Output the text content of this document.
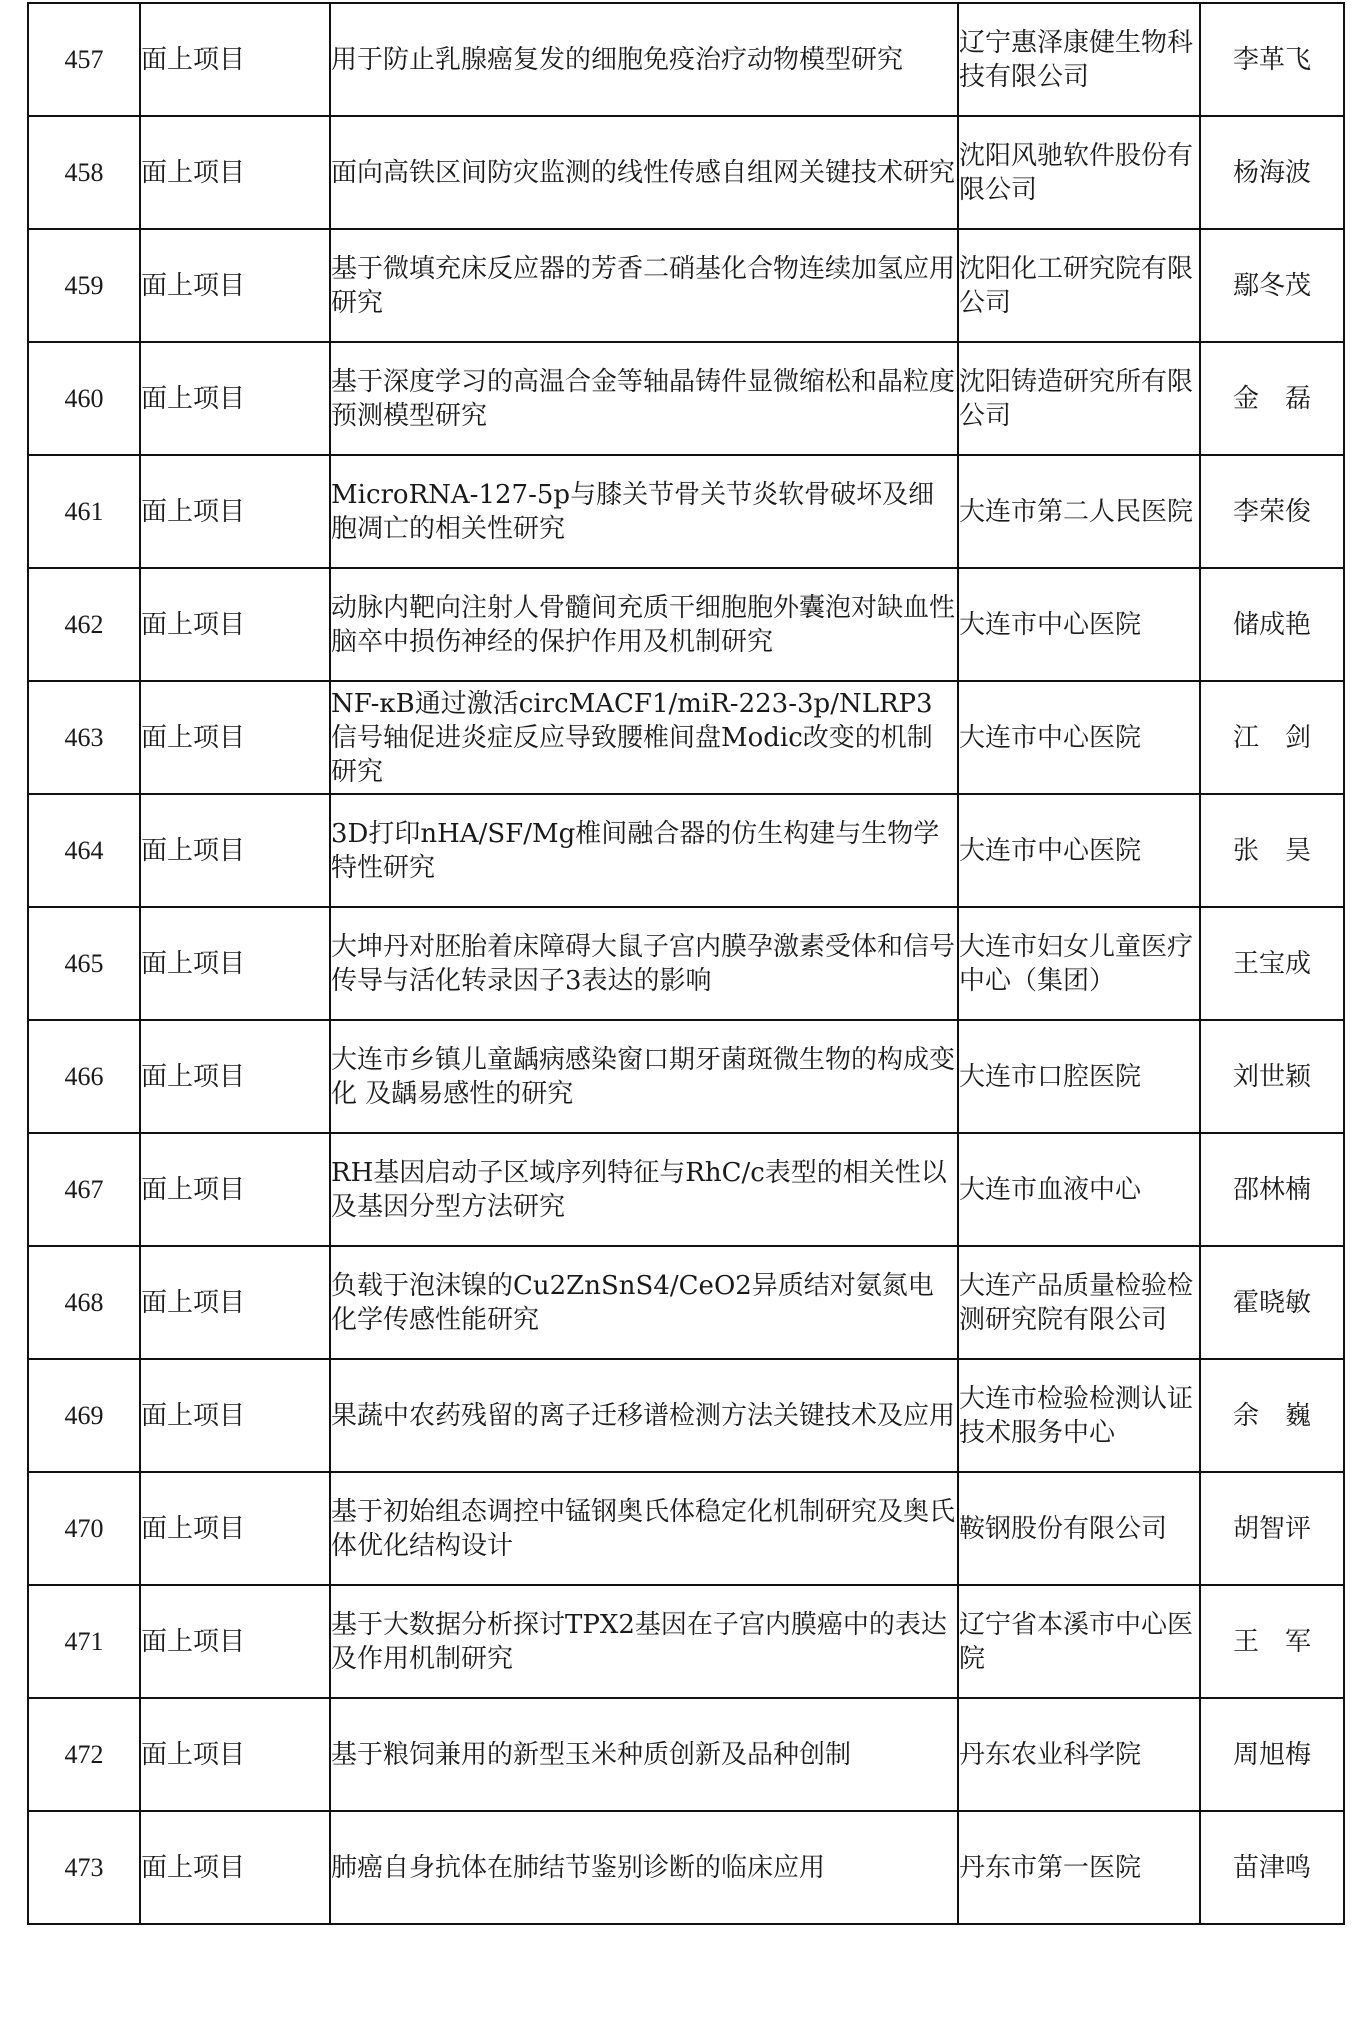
457	面上项目	用于防止乳腺癌复发的细胞免疫治疗动物模型研究	辽宁惠泽康健生物科技有限公司	李革飞

458	面上项目	面向高铁区间防灾监测的线性传感自组网关键技术研究	沈阳风驰软件股份有限公司	杨海波

459	面上项目	基于微填充床反应器的芳香二硝基化合物连续加氢应用研究	沈阳化工研究院有限公司	鄢冬茂

460	面上项目	基于深度学习的高温合金等轴晶铸件显微缩松和晶粒度预测模型研究	沈阳铸造研究所有限公司	金　磊

461	面上项目	MicroRNA-127-5p与膝关节骨关节炎软骨破坏及细胞凋亡的相关性研究	大连市第二人民医院	李荣俊

462	面上项目	动脉内靶向注射人骨髓间充质干细胞胞外囊泡对缺血性脑卒中损伤神经的保护作用及机制研究	大连市中心医院	储成艳

463	面上项目	NF-κB通过激活circMACF1/miR-223-3p/NLRP3信号轴促进炎症反应导致腰椎间盘Modic改变的机制研究	大连市中心医院	江　剑

464	面上项目	3D打印nHA/SF/Mg椎间融合器的仿生构建与生物学特性研究	大连市中心医院	张　昊

465	面上项目	大坤丹对胚胎着床障碍大鼠子宫内膜孕激素受体和信号传导与活化转录因子3表达的影响	大连市妇女儿童医疗中心（集团）	王宝成

466	面上项目	大连市乡镇儿童龋病感染窗口期牙菌斑微生物的构成变化 及龋易感性的研究	大连市口腔医院	刘世颖

467	面上项目	RH基因启动子区域序列特征与RhC/c表型的相关性以及基因分型方法研究	大连市血液中心	邵林楠

468	面上项目	负载于泡沫镍的Cu2ZnSnS4/CeO2异质结对氨氮电化学传感性能研究	大连产品质量检验检测研究院有限公司	霍晓敏

469	面上项目	果蔬中农药残留的离子迁移谱检测方法关键技术及应用	大连市检验检测认证技术服务中心	余　巍

470	面上项目	基于初始组态调控中锰钢奥氏体稳定化机制研究及奥氏体优化结构设计	鞍钢股份有限公司	胡智评

471	面上项目	基于大数据分析探讨TPX2基因在子宫内膜癌中的表达及作用机制研究	辽宁省本溪市中心医院	王　军

472	面上项目	基于粮饲兼用的新型玉米种质创新及品种创制	丹东农业科学院	周旭梅

473	面上项目	肺癌自身抗体在肺结节鉴别诊断的临床应用	丹东市第一医院	苗津鸣
